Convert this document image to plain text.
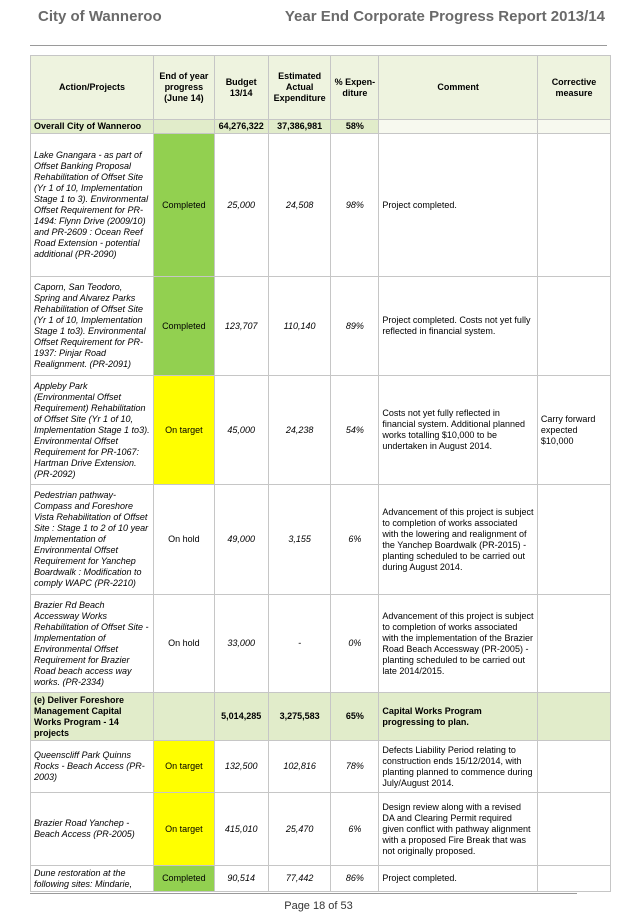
City of Wanneroo	Year End Corporate Progress Report 2013/14
Action/Projects	End of year progress (June 14)	Budget 13/14	Estimated Actual Expenditure	% Expen-diture	Comment	Corrective measure
Overall City of Wanneroo		64,276,322	37,386,981	58%		
Lake Gnangara - as part of Offset Banking Proposal Rehabilitation of Offset Site (Yr 1 of 10, Implementation Stage 1 to 3). Environmental Offset Requirement for PR-1494: Flynn Drive (2009/10) and PR-2609 : Ocean Reef Road Extension - potential additional (PR-2090)	Completed	25,000	24,508	98%	Project completed.	
Caporn, San Teodoro, Spring and Alvarez Parks Rehabilitation of Offset Site (Yr 1 of 10, Implementation Stage 1 to3). Environmental Offset Requirement for PR-1937: Pinjar Road Realignment. (PR-2091)	Completed	123,707	110,140	89%	Project completed. Costs not yet fully reflected in financial system.	
Appleby Park (Environmental Offset Requirement) Rehabilitation of Offset Site (Yr 1 of 10, Implementation Stage 1 to3). Environmental Offset Requirement for PR-1067: Hartman Drive Extension. (PR-2092)	On target	45,000	24,238	54%	Costs not yet fully reflected in financial system. Additional planned works totalling $10,000 to be undertaken in August 2014.	Carry forward expected $10,000
Pedestrian pathway- Compass and Foreshore Vista Rehabilitation of Offset Site : Stage 1 to 2 of 10 year Implementation of Environmental Offset Requirement for Yanchep Boardwalk : Modification to comply WAPC (PR-2210)	On hold	49,000	3,155	6%	Advancement of this project is subject to completion of works associated with the lowering and realignment of the Yanchep Boardwalk (PR-2015) - planting scheduled to be carried out during August 2014.	
Brazier Rd Beach Accessway Works Rehabilitation of Offset Site - Implementation of Environmental Offset Requirement for Brazier Road beach access way works. (PR-2334)	On hold	33,000	-	0%	Advancement of this project is subject to completion of works associated with the implementation of the Brazier Road Beach Accessway (PR-2005) - planting scheduled to be carried out late 2014/2015.	
(e) Deliver Foreshore Management Capital Works Program - 14 projects		5,014,285	3,275,583	65%	Capital Works Program progressing to plan.	
Queenscliff Park Quinns Rocks - Beach Access (PR-2003)	On target	132,500	102,816	78%	Defects Liability Period relating to construction ends 15/12/2014, with planting planned to commence during July/August 2014.	
Brazier Road Yanchep - Beach Access (PR-2005)	On target	415,010	25,470	6%	Design review along with a revised DA and Clearing Permit required given conflict with pathway alignment with a proposed Fire Break that was not originally proposed.	
Dune restoration at the following sites: Mindarie,	Completed	90,514	77,442	86%	Project completed.	
Page 18 of 53
